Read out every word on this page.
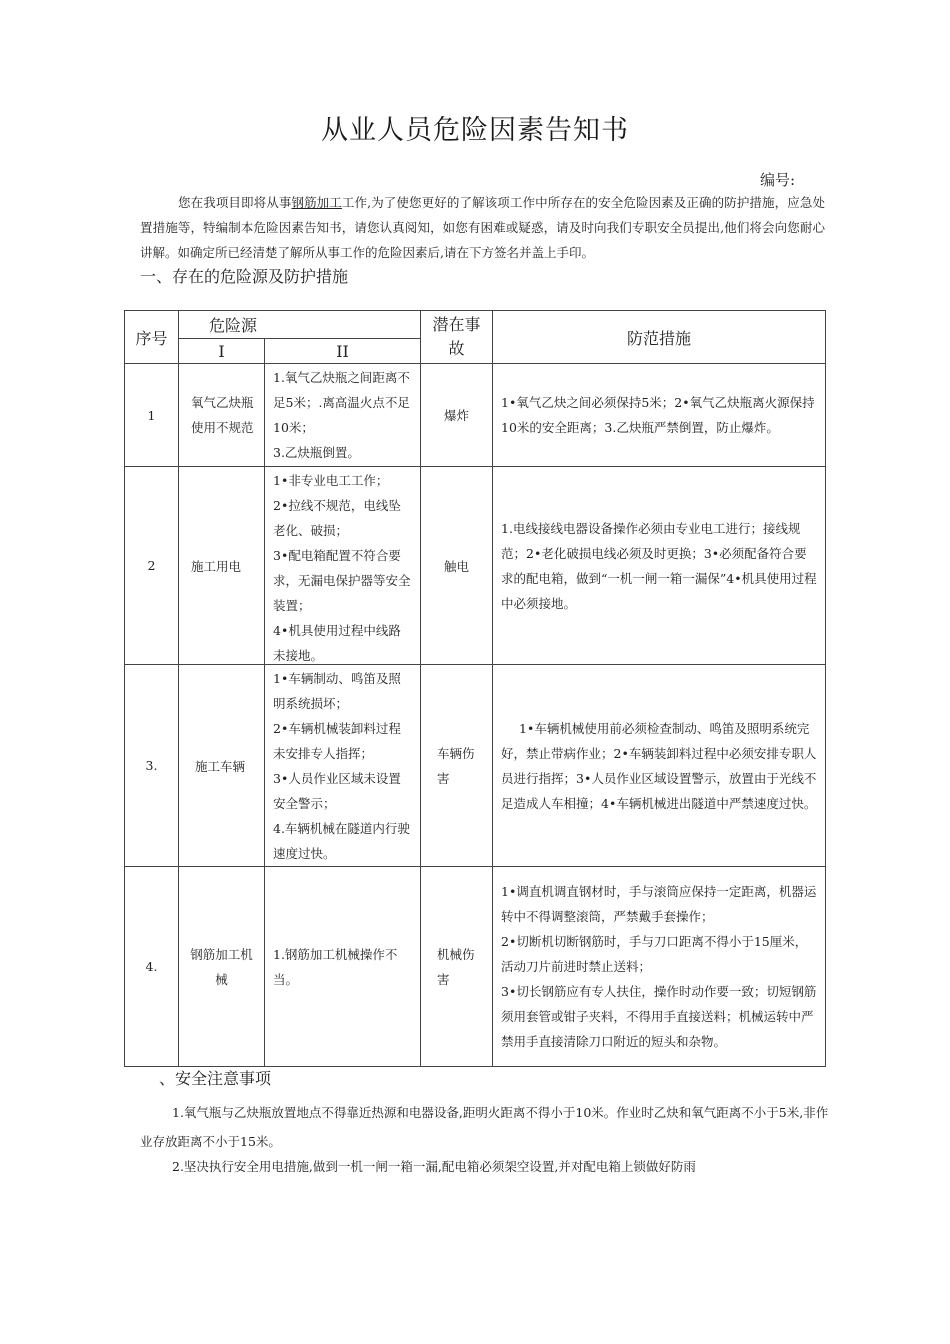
从业人员危险因素告知书
编号:
您在我项目即将从事钢筋加工工作,为了使您更好的了解该项工作中所存在的安全危险因素及正确的防护措施，应急处置措施等，特编制本危险因素告知书，请您认真阅知，如您有困难或疑惑，请及时向我们专职安全员提出,他们将会向您耐心讲解。如确定所已经清楚了解所从事工作的危险因素后,请在下方签名并盖上手印。
一、存在的危险源及防护措施
序号	危险源		潜在事故	防范措施
	I	II		
1	氧气乙炔瓶使用不规范	1.氧气乙炔瓶之间距离不足5米；.离高温火点不足10米；
3.乙炔瓶倒置。	爆炸	1•氧气乙炔之间必须保持5米；2•氧气乙炔瓶离火源保持10米的安全距离；3.乙炔瓶严禁倒置，防止爆炸。
2	施工用电	1•非专业电工工作；
2•拉线不规范，电线坠老化、破损；
3•配电箱配置不符合要求，无漏电保护器等安全装置；
4•机具使用过程中线路未接地。	触电	1.电线接线电器设备操作必须由专业电工进行；接线规范；2•老化破损电线必须及时更换；3•必须配备符合要求的配电箱，做到“一机一闸一箱一漏保”4•机具使用过程中必须接地。
3.	施工车辆	1•车辆制动、鸣笛及照明系统损坏；
2•车辆机械装卸料过程未安排专人指挥；
3•人员作业区域未设置安全警示；
4.车辆机械在隧道内行驶速度过快。	车辆伤害	1•车辆机械使用前必须检查制动、鸣笛及照明系统完好，禁止带病作业；2•车辆装卸料过程中必须安排专职人员进行指挥；3•人员作业区域设置警示，放置由于光线不足造成人车相撞；4•车辆机械进出隧道中严禁速度过快。
4.	钢筋加工机械	1.钢筋加工机械操作不当。	机械伤害	1•调直机调直钢材时，手与滚筒应保持一定距离，机器运转中不得调整滚筒，严禁戴手套操作；
2•切断机切断钢筋时，手与刀口距离不得小于15厘米，活动刀片前进时禁止送料；
3•切长钢筋应有专人扶住，操作时动作要一致；切短钢筋须用套管或钳子夹料，不得用手直接送料；机械运转中严禁用手直接清除刀口附近的短头和杂物。
、安全注意事项
1.氧气瓶与乙炔瓶放置地点不得靠近热源和电器设备,距明火距离不得小于10米。作业时乙炔和氧气距离不小于5米,非作业存放距离不小于15米。
2.坚决执行安全用电措施,做到一机一闸一箱一漏,配电箱必须架空设置,并对配电箱上锁做好防雨
